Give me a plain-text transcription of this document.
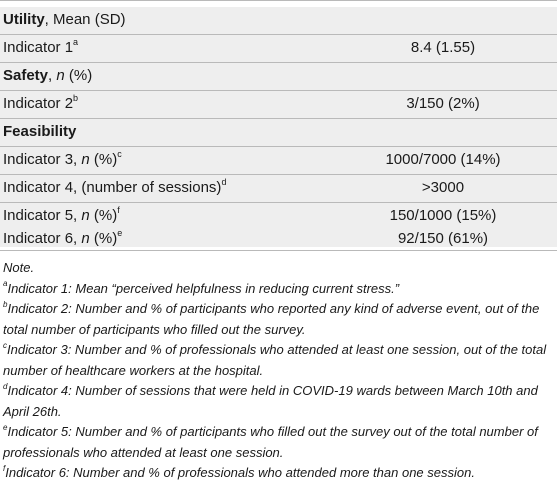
Utility, Mean (SD)
Indicator 1$^a$	8.4 (1.55)
Safety, n (%)
Indicator 2$^b$	3/150 (2%)
Feasibility
Indicator 3, n (%)$^c$	1000/7000 (14%)
Indicator 4, (number of sessions)$^d$	>3000
Indicator 5, n (%)$^f$	150/1000 (15%)
Indicator 6, n (%)$^e$	92/150 (61%)

Note.

$^a$Indicator 1: Mean “perceived helpfulness in reducing current stress.”

$^b$Indicator 2: Number and % of participants who reported any kind of adverse event, out of the total number of participants who filled out the survey.

$^c$Indicator 3: Number and % of professionals who attended at least one session, out of the total number of healthcare workers at the hospital.

$^d$Indicator 4: Number of sessions that were held in COVID-19 wards between March 10th and April 26th.

$^e$Indicator 5: Number and % of participants who filled out the survey out of the total number of professionals who attended at least one session.

$^f$Indicator 6: Number and % of professionals who attended more than one session.
